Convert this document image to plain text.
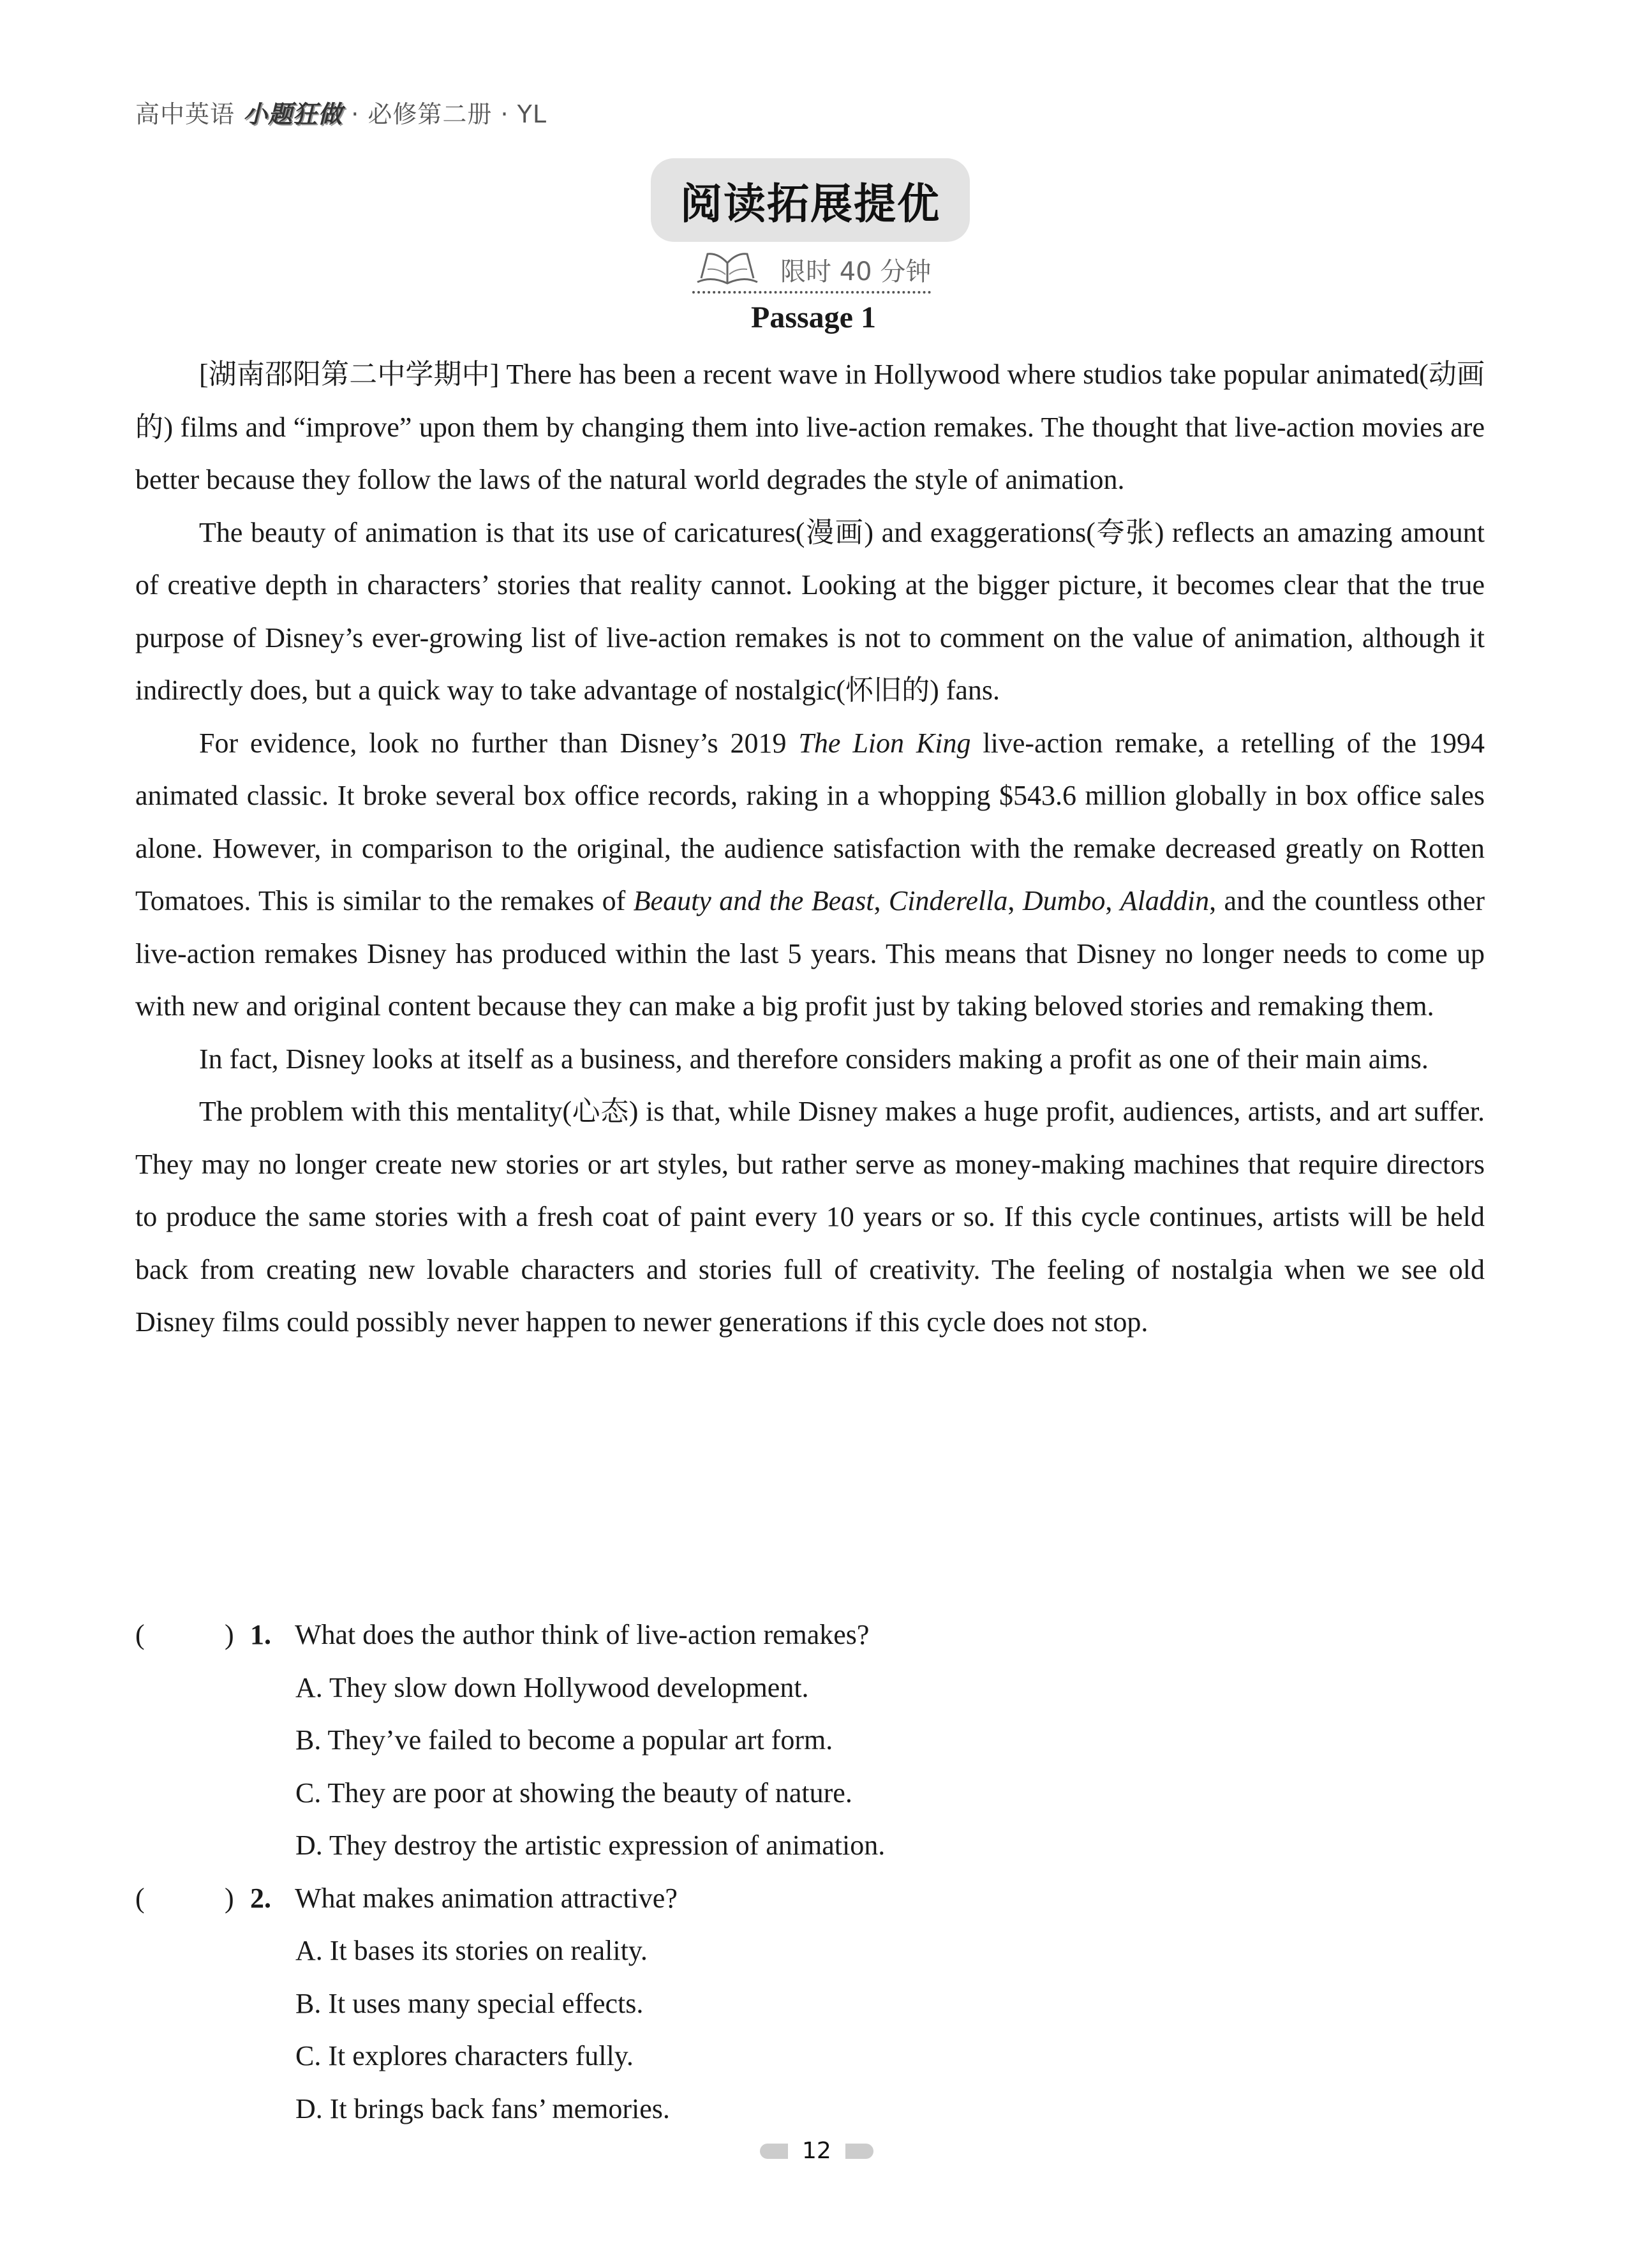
高中英语 小题狂做 · 必修第二册 · YL
阅读拓展提优
限时 40 分钟
Passage 1

[湖南邵阳第二中学期中] There has been a recent wave in Hollywood where studios take popular animated(动画的) films and “improve” upon them by changing them into live-action remakes. The thought that live-action movies are better because they follow the laws of the natural world degrades the style of animation.

The beauty of animation is that its use of caricatures(漫画) and exaggerations(夸张) reflects an amazing amount of creative depth in characters’ stories that reality cannot. Looking at the bigger picture, it becomes clear that the true purpose of Disney’s ever-growing list of live-action remakes is not to comment on the value of animation, although it indirectly does, but a quick way to take advantage of nostalgic(怀旧的) fans.

For evidence, look no further than Disney’s 2019 The Lion King live-action remake, a retelling of the 1994 animated classic. It broke several box office records, raking in a whopping $543.6 million globally in box office sales alone. However, in comparison to the original, the audience satisfaction with the remake decreased greatly on Rotten Tomatoes. This is similar to the remakes of Beauty and the Beast, Cinderella, Dumbo, Aladdin, and the countless other live-action remakes Disney has produced within the last 5 years. This means that Disney no longer needs to come up with new and original content because they can make a big profit just by taking beloved stories and remaking them.

In fact, Disney looks at itself as a business, and therefore considers making a profit as one of their main aims.

The problem with this mentality(心态) is that, while Disney makes a huge profit, audiences, artists, and art suffer. They may no longer create new stories or art styles, but rather serve as money-making machines that require directors to produce the same stories with a fresh coat of paint every 10 years or so. If this cycle continues, artists will be held back from creating new lovable characters and stories full of creativity. The feeling of nostalgia when we see old Disney films could possibly never happen to newer generations if this cycle does not stop.

(	) 1. What does the author think of live-action remakes?
A. They slow down Hollywood development.
B. They’ve failed to become a popular art form.
C. They are poor at showing the beauty of nature.
D. They destroy the artistic expression of animation.
(	) 2. What makes animation attractive?
A. It bases its stories on reality.
B. It uses many special effects.
C. It explores characters fully.
D. It brings back fans’ memories.
12
